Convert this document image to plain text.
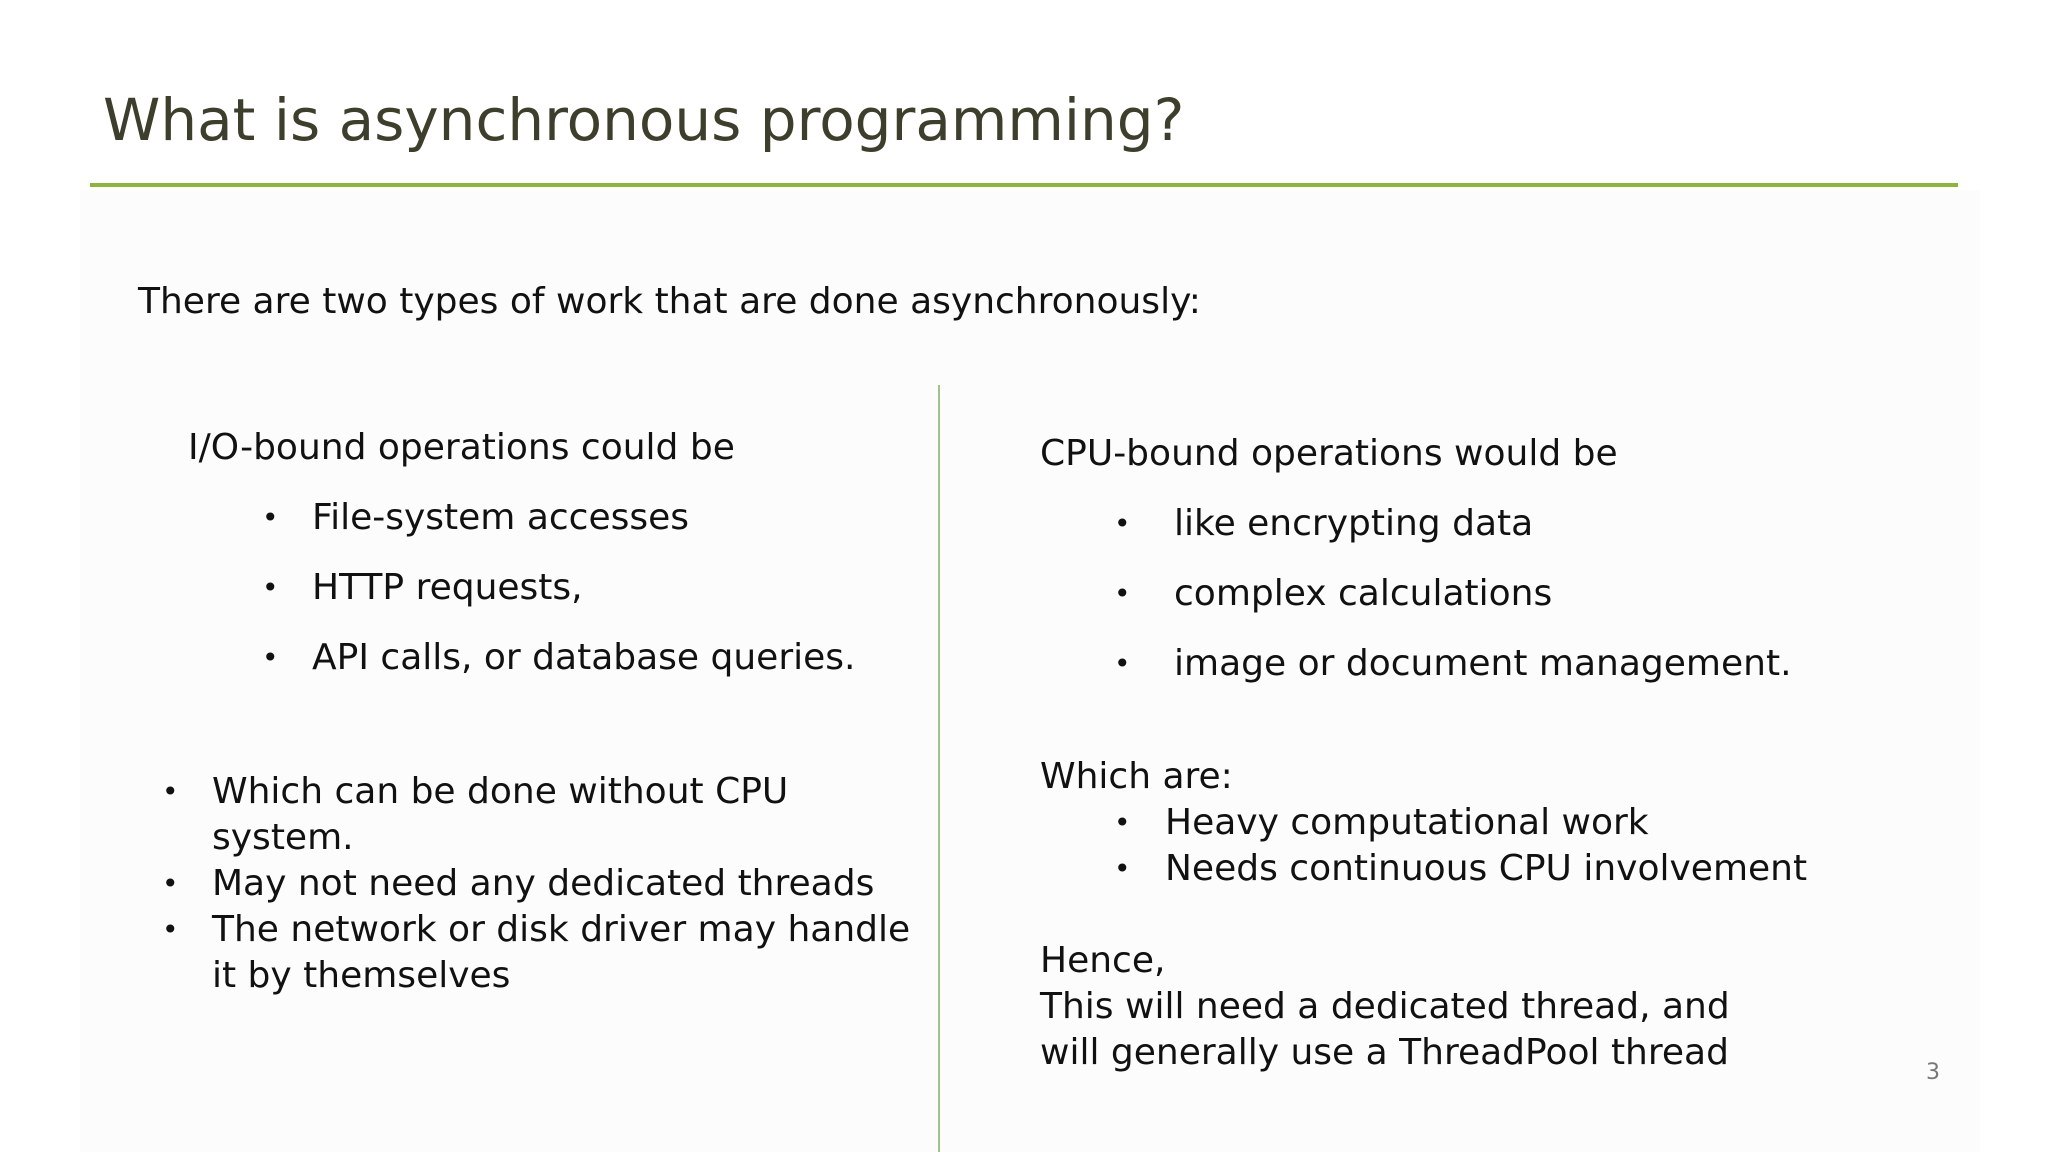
What is asynchronous programming?
There are two types of work that are done asynchronously:
I/O-bound operations could be
• File-system accesses
• HTTP requests,
• API calls, or database queries.
• Which can be done without CPU
system.
• May not need any dedicated threads
• The network or disk driver may handle
it by themselves
CPU-bound operations would be
• like encrypting data
• complex calculations
• image or document management.
Which are:
• Heavy computational work
• Needs continuous CPU involvement
Hence,
This will need a dedicated thread, and
will generally use a ThreadPool thread	3
